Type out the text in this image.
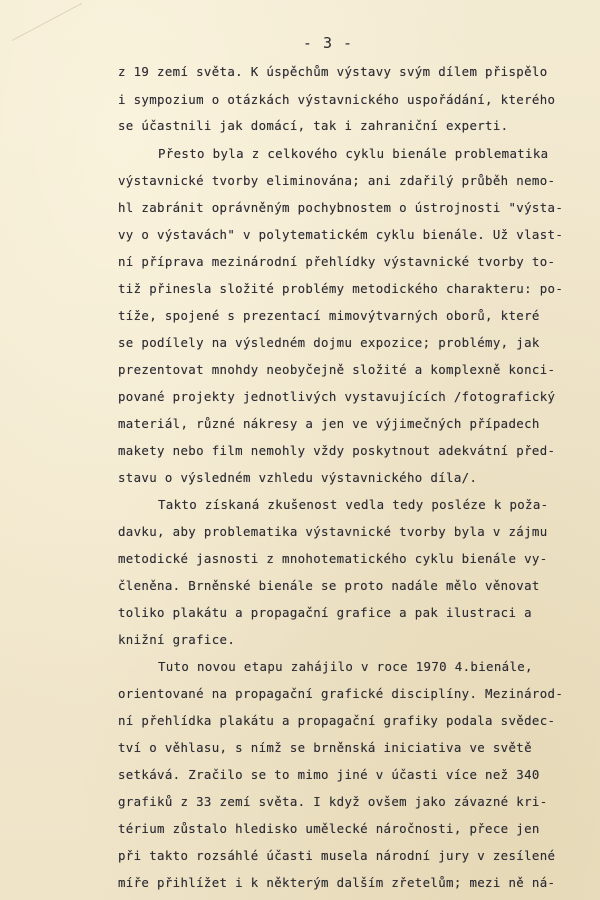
- 3 -
z 19 zemí světa. K úspěchům výstavy svým dílem přispělo
i sympozium o otázkách výstavnického uspořádání, kterého
se účastnili jak domácí, tak i zahraniční experti.
Přesto byla z celkového cyklu bienále problematika
výstavnické tvorby eliminována; ani zdařilý průběh nemo-
hl zabránit oprávněným pochybnostem o ústrojnosti "výsta-
vy o výstavách" v polytematickém cyklu bienále. Už vlast-
ní příprava mezinárodní přehlídky výstavnické tvorby to-
tiž přinesla složité problémy metodického charakteru: po-
tíže, spojené s prezentací mimovýtvarných oborů, které
se podílely na výsledném dojmu expozice; problémy, jak
prezentovat mnohdy neobyčejně složité a komplexně konci-
pované projekty jednotlivých vystavujících /fotografický
materiál, různé nákresy a jen ve výjimečných případech
makety nebo film nemohly vždy poskytnout adekvátní před-
stavu o výsledném vzhledu výstavnického díla/.
Takto získaná zkušenost vedla tedy posléze k poža-
davku, aby problematika výstavnické tvorby byla v zájmu
metodické jasnosti z mnohotematického cyklu bienále vy-
členěna. Brněnské bienále se proto nadále mělo věnovat
toliko plakátu a propagační grafice a pak ilustraci a
knižní grafice.
Tuto novou etapu zahájilo v roce 1970 4.bienále,
orientované na propagační grafické disciplíny. Mezinárod-
ní přehlídka plakátu a propagační grafiky podala svědec-
tví o věhlasu, s nímž se brněnská iniciativa ve světě
setkává. Zračilo se to mimo jiné v účasti více než 340
grafiků z 33 zemí světa. I když ovšem jako závazné kri-
térium zůstalo hledisko umělecké náročnosti, přece jen
při takto rozsáhlé účasti musela národní jury v zesílené
míře přihlížet i k některým dalším zřetelům; mezi ně ná-
